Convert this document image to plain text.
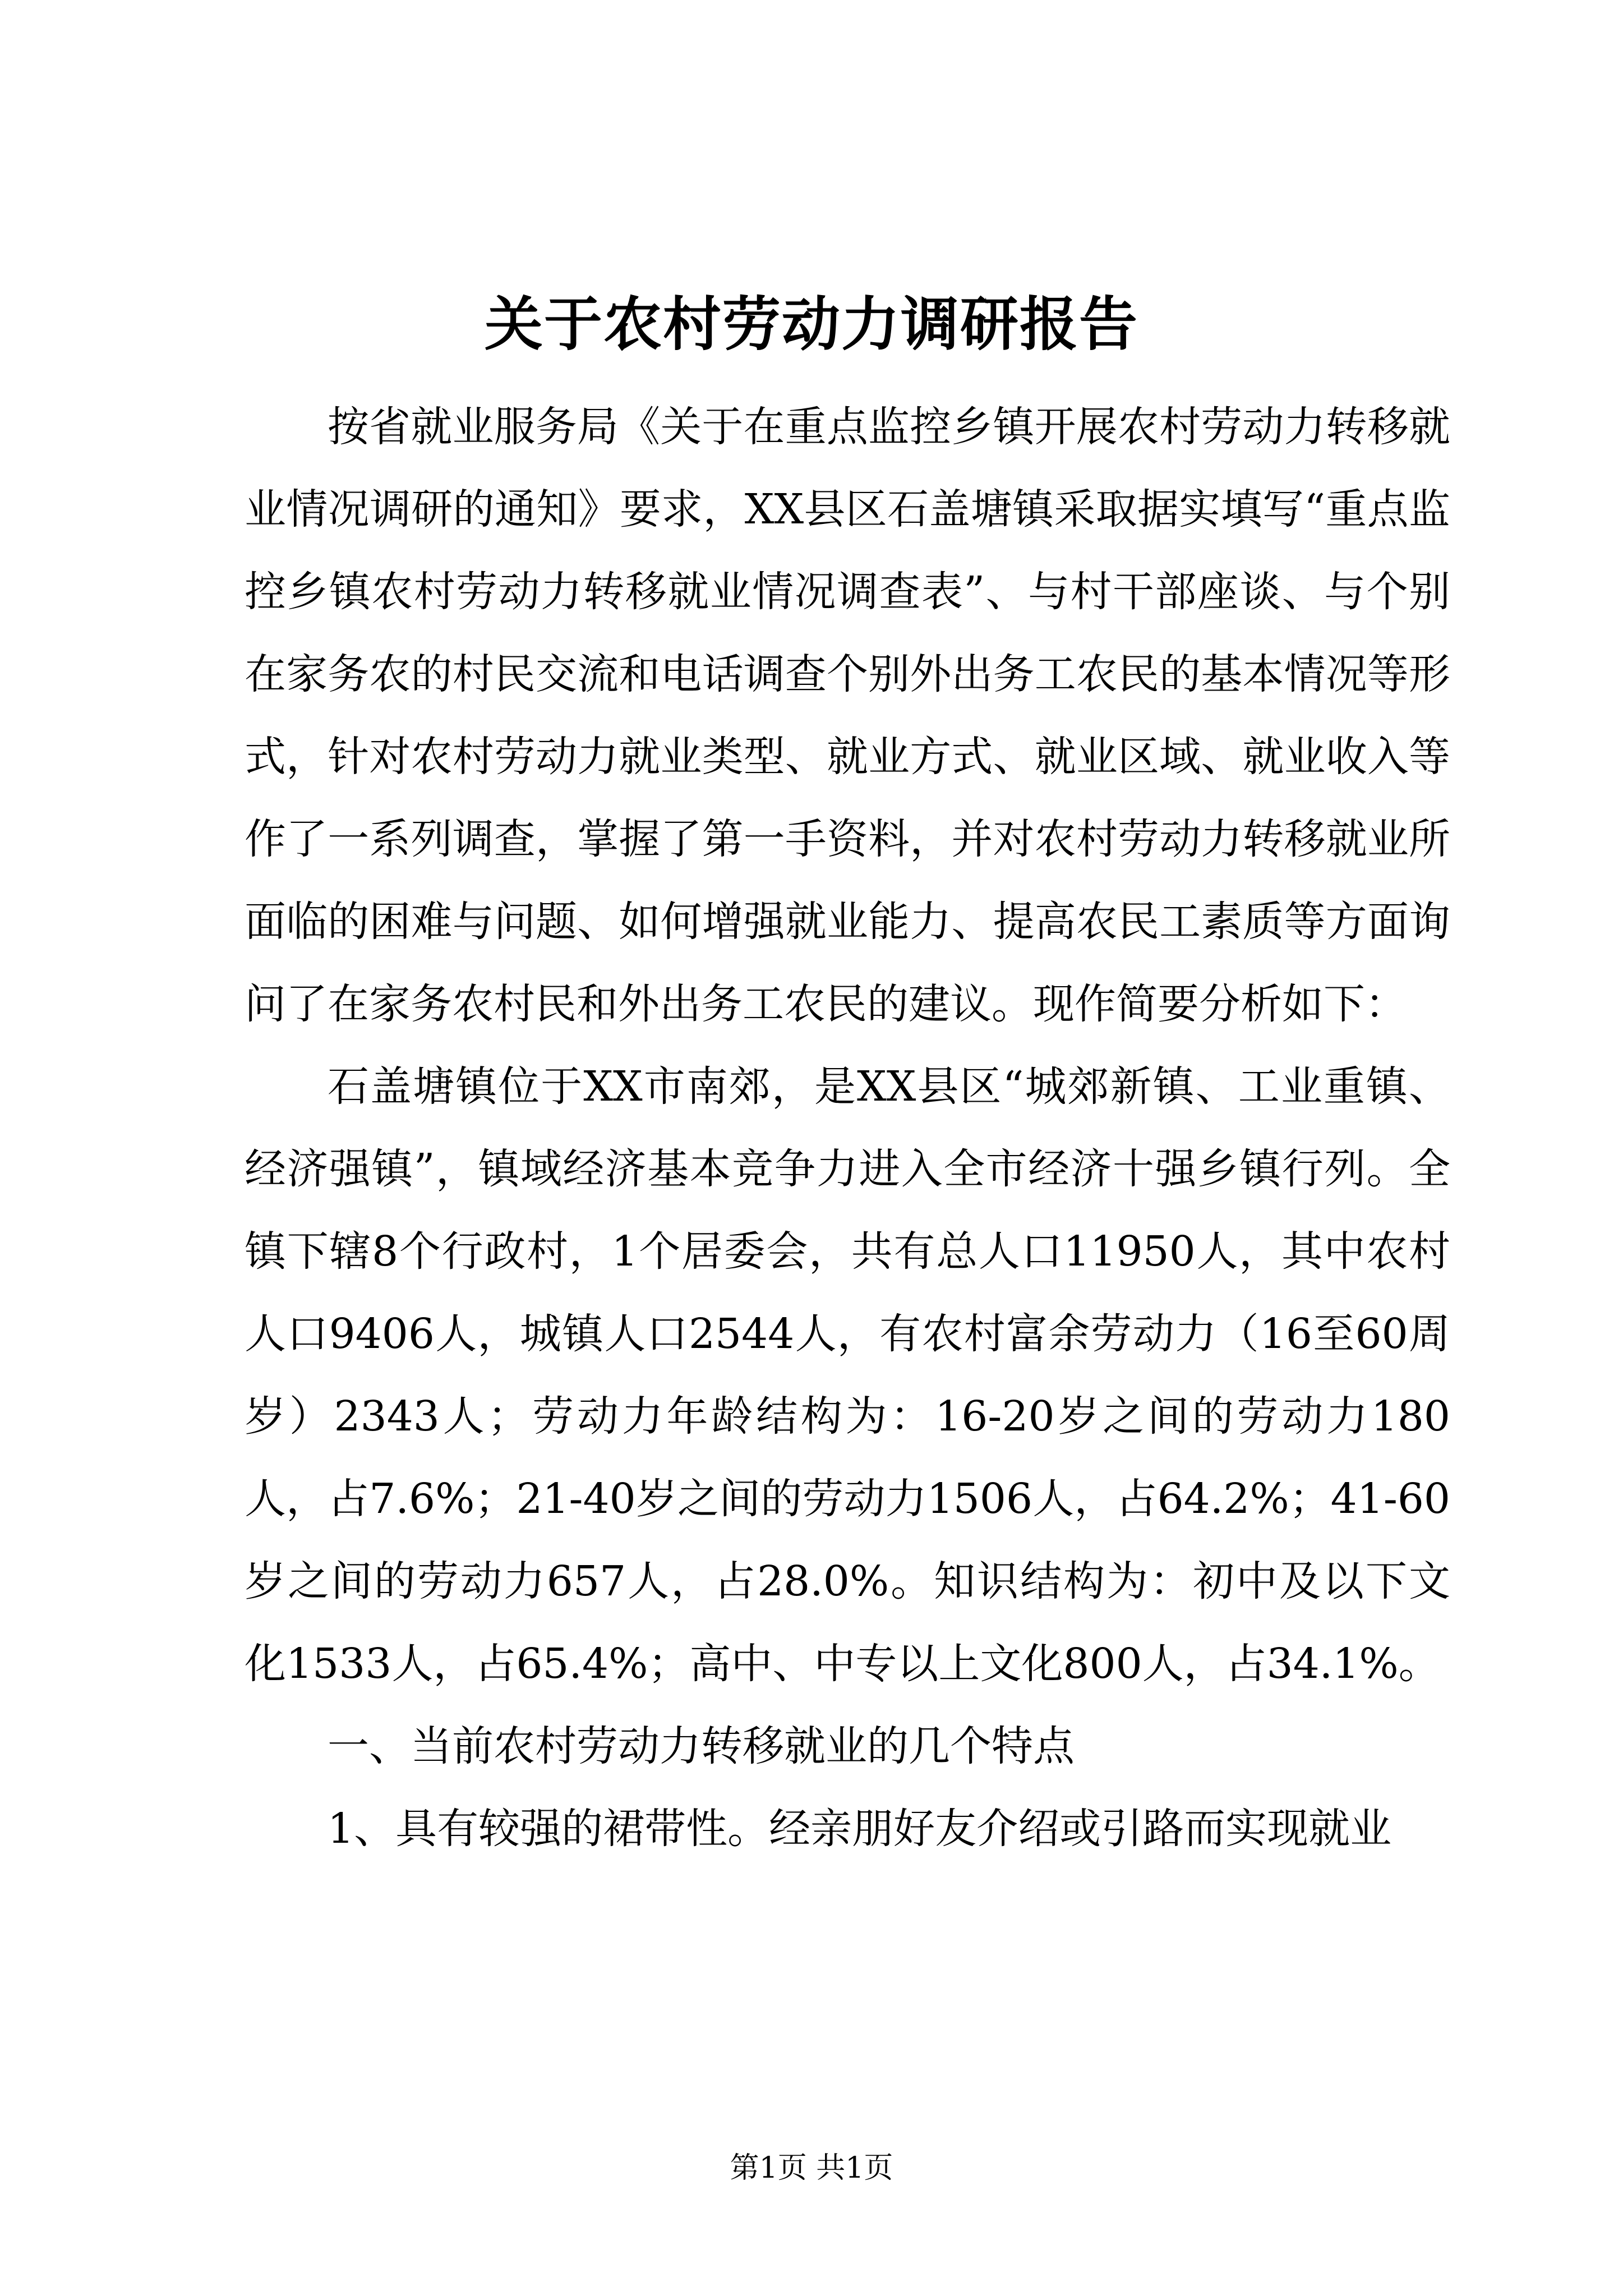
关于农村劳动力调研报告

按省就业服务局《关于在重点监控乡镇开展农村劳动力转移就业情况调研的通知》要求，XX县区石盖塘镇采取据实填写“重点监控乡镇农村劳动力转移就业情况调查表”、与村干部座谈、与个别在家务农的村民交流和电话调查个别外出务工农民的基本情况等形式，针对农村劳动力就业类型、就业方式、就业区域、就业收入等作了一系列调查，掌握了第一手资料，并对农村劳动力转移就业所面临的困难与问题、如何增强就业能力、提高农民工素质等方面询问了在家务农村民和外出务工农民的建议。现作简要分析如下：

石盖塘镇位于XX市南郊，是XX县区“城郊新镇、工业重镇、经济强镇”，镇域经济基本竞争力进入全市经济十强乡镇行列。全镇下辖8个行政村，1个居委会，共有总人口11950人，其中农村人口9406人，城镇人口2544人，有农村富余劳动力（16至60周岁）2343人；劳动力年龄结构为：16-20岁之间的劳动力180人，占7.6%；21-40岁之间的劳动力1506人，占64.2%；41-60岁之间的劳动力657人，占28.0%。知识结构为：初中及以下文化1533人，占65.4%；高中、中专以上文化800人，占34.1%。

一、当前农村劳动力转移就业的几个特点

1、具有较强的裙带性。经亲朋好友介绍或引路而实现就业

第1页 共1页
